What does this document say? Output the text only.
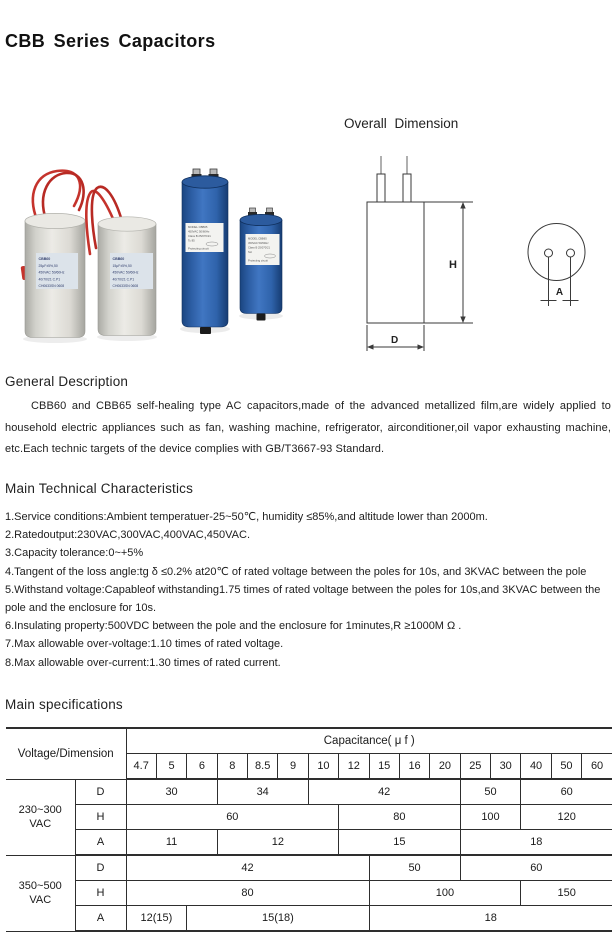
CBB Series Capacitors
CBB60
25μF±5%,50
450VAC 50/60Hz
40/70/21 C.P1
CH0633SN 0608
CBB60
15μF±5%,50
450VAC 50/60Hz
40/70/21 C.P1
CH0633SN 0608
MODEL CBB65
450VAC 50/60Hz
Class B 25/070/21
Tc 85
Protecting circuit
MODEL CBB65
450VAC 50/60Hz
Class B 25/070/21
SH
Protecting circuit
Overall Dimension
H
D
A
General Description
CBB60 and CBB65 self-healing type AC capacitors,made of the advanced metallized film,are widely applied to household electric appliances such as fan, washing machine, refrigerator, airconditioner,oil vapor exhausting machine, etc.Each technic targets of the device complies with GB/T3667-93 Standard.
Main Technical Characteristics
1.Service conditions:Ambient temperatuer-25~50℃, humidity ≤85%,and altitude lower than 2000m.
2.Ratedoutput:230VAC,300VAC,400VAC,450VAC.
3.Capacity tolerance:0~+5%
4.Tangent of the loss angle:tg δ ≤0.2% at20℃ of rated voltage between the poles for 10s, and 3KVAC between the pole
5.Withstand voltage:Capableof withstanding1.75 times of rated voltage between the poles for 10s,and 3KVAC between the pole and the enclosure for 10s.
6.Insulating property:500VDC between the pole and the enclosure for 1minutes,R ≥1000M Ω .
7.Max allowable over-voltage:1.10 times of rated voltage.
8.Max allowable over-current:1.30 times of rated current.
Main specifications
Voltage/Dimension		Capacitance( μ f )															
		4.7	5	6	8	8.5	9	10	12	15	16	20	25	30	40	50	60

230~300
VAC	D	30			34			42					50		60		
	H	60							80				100		120		
	A	11			12				15				18				

350~500
VAC	D	42								50			60				
	H	80								100					150		
	A	12(15)		15(18)						18							
